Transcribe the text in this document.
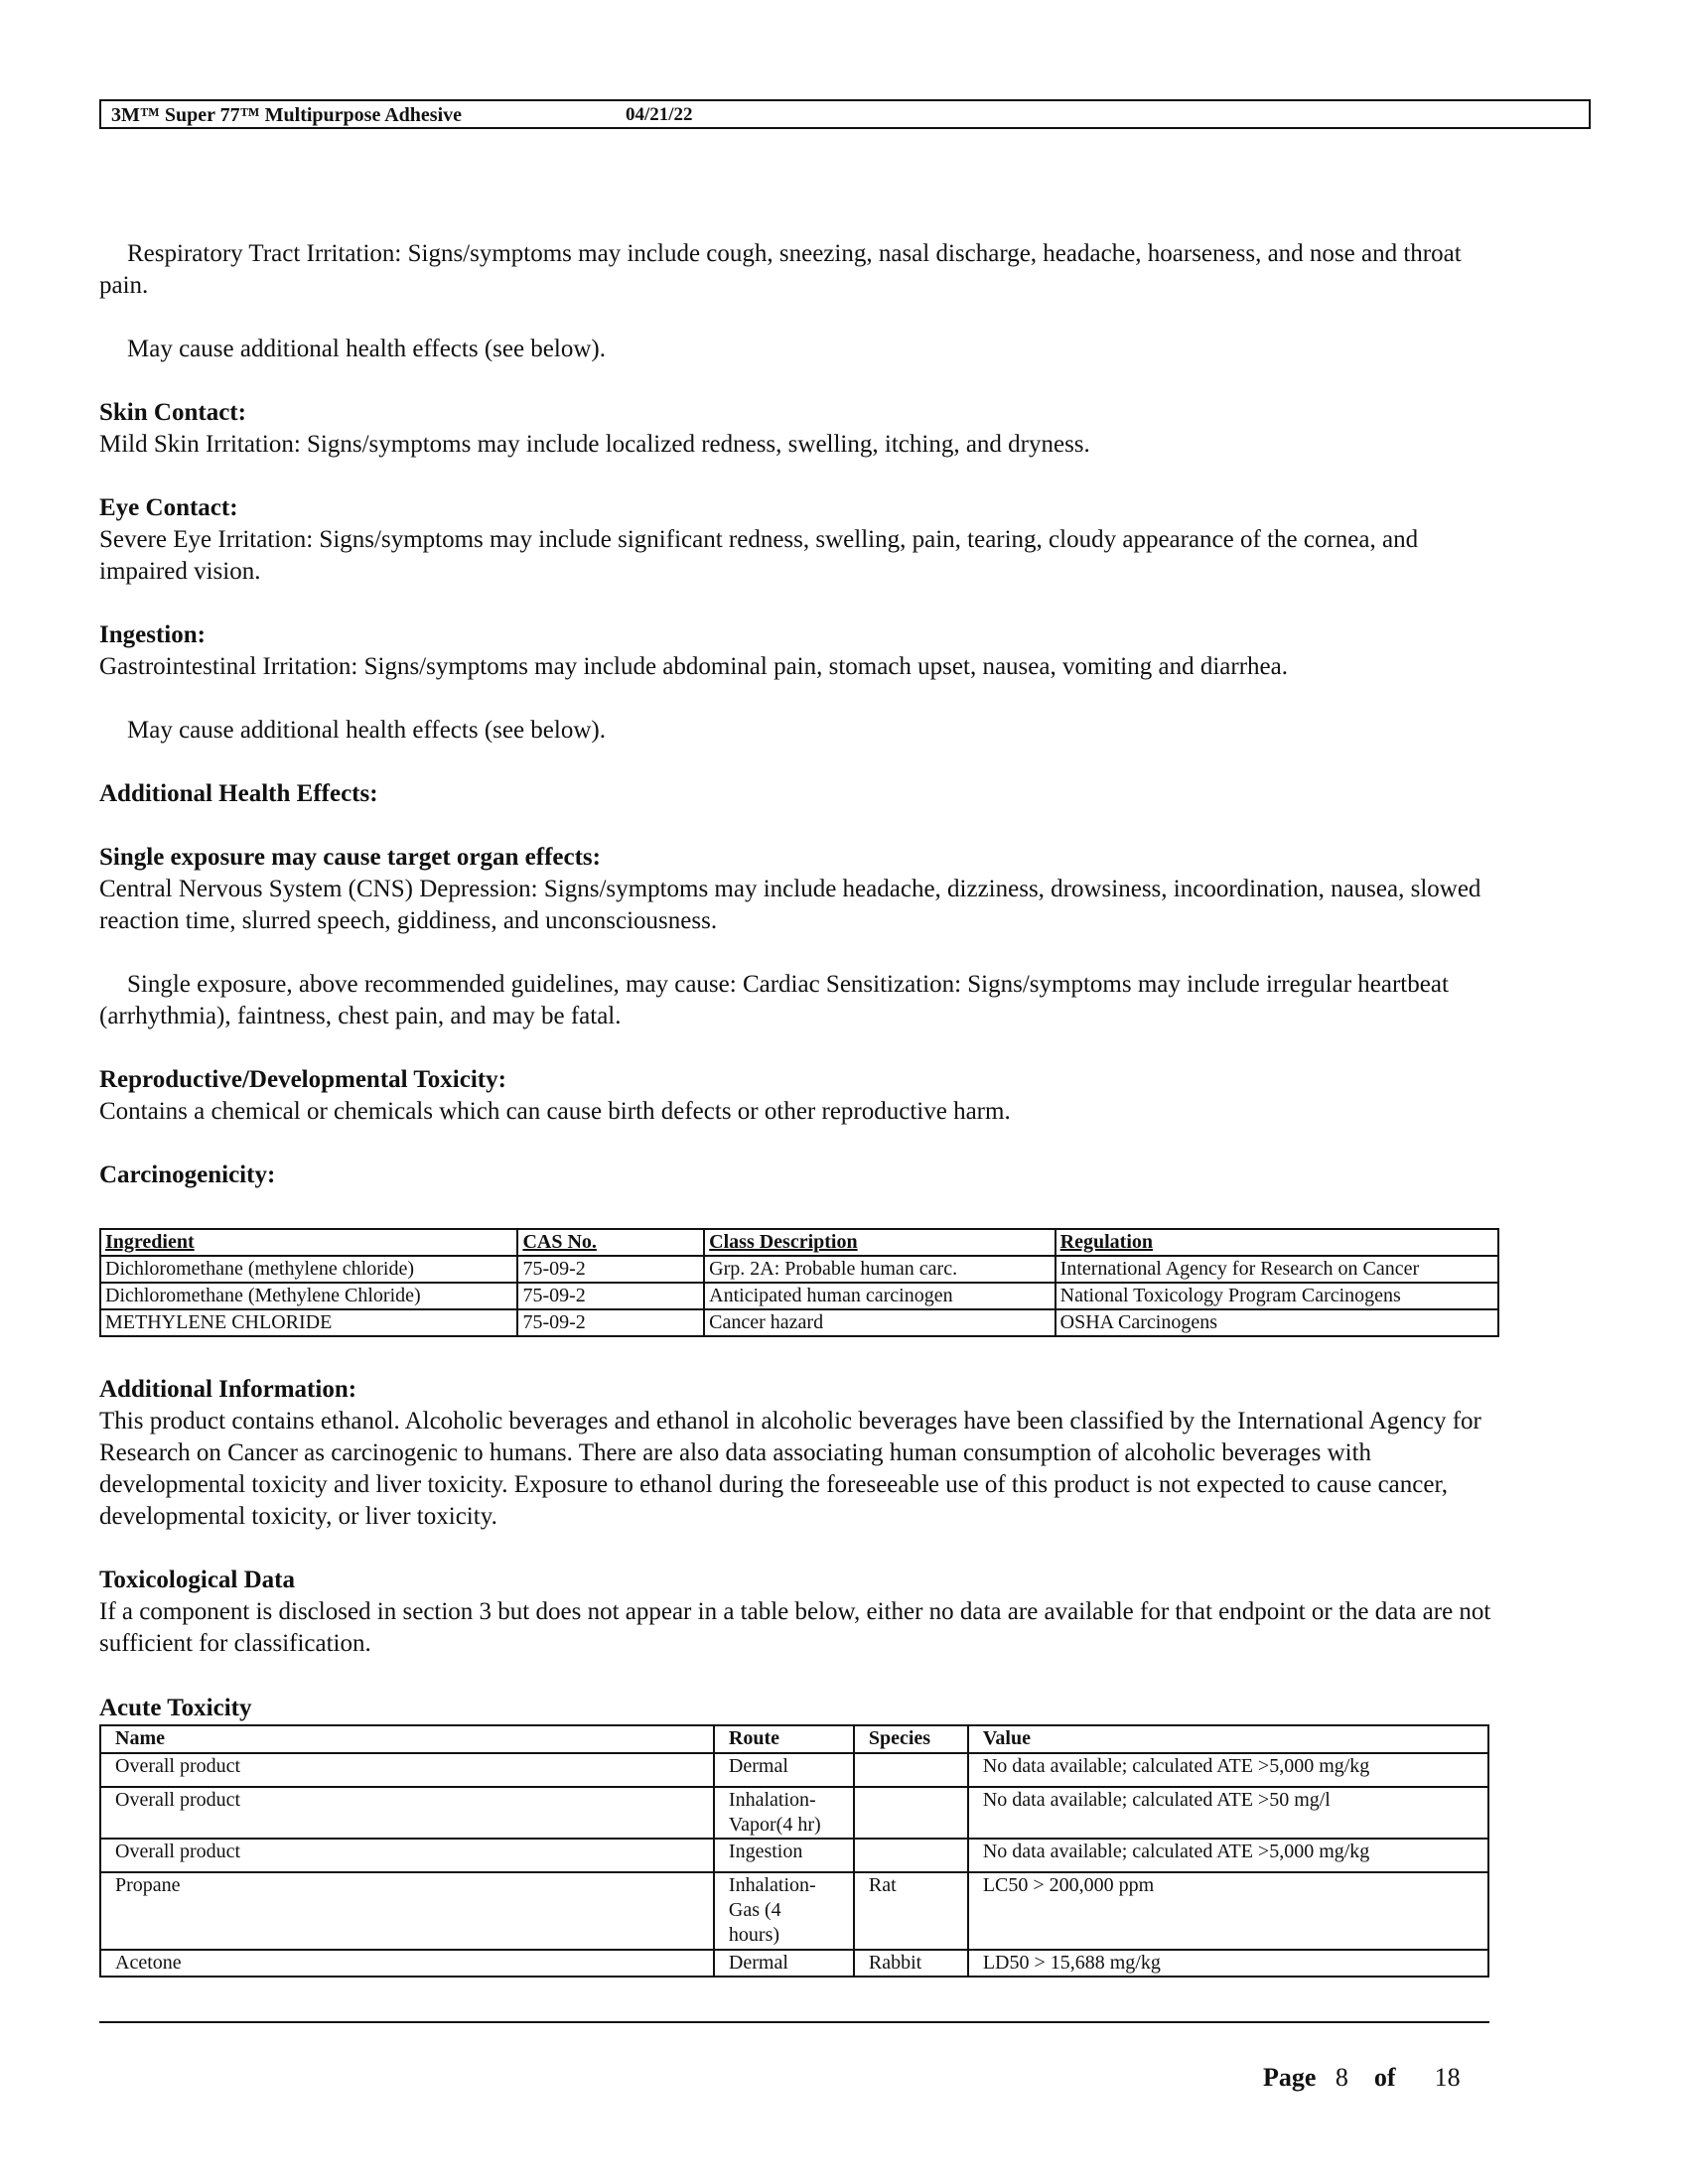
3M™ Super 77™ Multipurpose Adhesive	04/21/22
Respiratory Tract Irritation: Signs/symptoms may include cough, sneezing, nasal discharge, headache, hoarseness, and nose and throat pain.
May cause additional health effects (see below).
Skin Contact:
Mild Skin Irritation: Signs/symptoms may include localized redness, swelling, itching, and dryness.
Eye Contact:
Severe Eye Irritation: Signs/symptoms may include significant redness, swelling, pain, tearing, cloudy appearance of the cornea, and impaired vision.
Ingestion:
Gastrointestinal Irritation: Signs/symptoms may include abdominal pain, stomach upset, nausea, vomiting and diarrhea.
May cause additional health effects (see below).
Additional Health Effects:
Single exposure may cause target organ effects:
Central Nervous System (CNS) Depression: Signs/symptoms may include headache, dizziness, drowsiness, incoordination, nausea, slowed reaction time, slurred speech, giddiness, and unconsciousness.
Single exposure, above recommended guidelines, may cause: Cardiac Sensitization: Signs/symptoms may include irregular heartbeat (arrhythmia), faintness, chest pain, and may be fatal.
Reproductive/Developmental Toxicity:
Contains a chemical or chemicals which can cause birth defects or other reproductive harm.
Carcinogenicity:
Ingredient	CAS No.	Class Description	Regulation
Dichloromethane (methylene chloride)	75-09-2	Grp. 2A: Probable human carc.	International Agency for Research on Cancer
Dichloromethane (Methylene Chloride)	75-09-2	Anticipated human carcinogen	National Toxicology Program Carcinogens
METHYLENE CHLORIDE	75-09-2	Cancer hazard	OSHA Carcinogens
Additional Information:
This product contains ethanol. Alcoholic beverages and ethanol in alcoholic beverages have been classified by the International Agency for Research on Cancer as carcinogenic to humans. There are also data associating human consumption of alcoholic beverages with developmental toxicity and liver toxicity. Exposure to ethanol during the foreseeable use of this product is not expected to cause cancer, developmental toxicity, or liver toxicity.
Toxicological Data
If a component is disclosed in section 3 but does not appear in a table below, either no data are available for that endpoint or the data are not sufficient for classification.
Acute Toxicity
Name	Route	Species	Value
Overall product	Dermal		No data available; calculated ATE >5,000 mg/kg
Overall product	Inhalation-
Vapor(4 hr)		No data available; calculated ATE >50 mg/l
Overall product	Ingestion		No data available; calculated ATE >5,000 mg/kg
Propane	Inhalation-
Gas (4
hours)	Rat	LC50 > 200,000 ppm
Acetone	Dermal	Rabbit	LD50 > 15,688 mg/kg
Page 8 of 18
